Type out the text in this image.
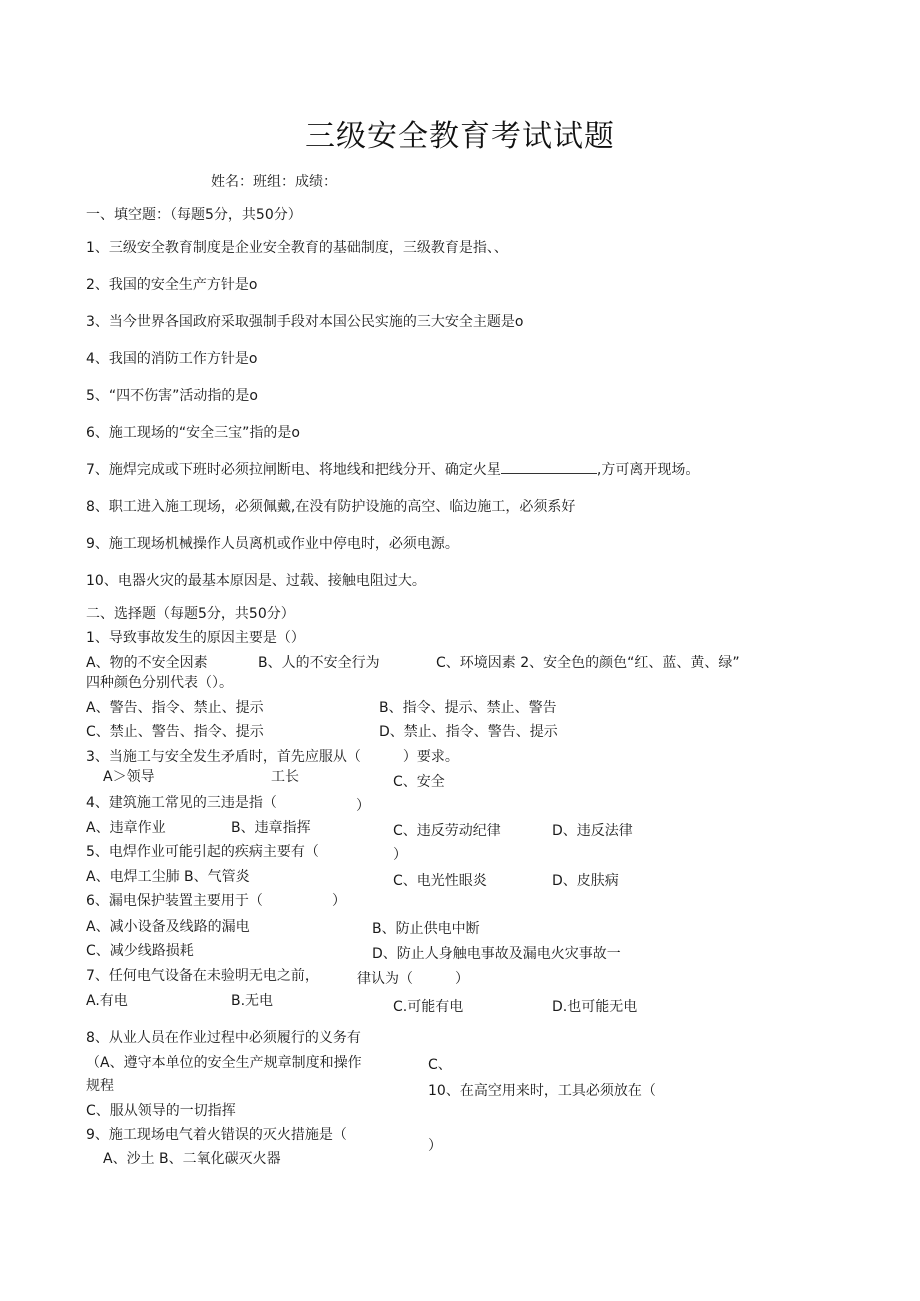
三级安全教育考试试题
姓名：班组：成绩：
一、填空题：（每题5分，共50分）
1、三级安全教育制度是企业安全教育的基础制度，三级教育是指、、
2、我国的安全生产方针是o
3、当今世界各国政府采取强制手段对本国公民实施的三大安全主题是o
4、我国的消防工作方针是o
5、“四不伤害”活动指的是o
6、施工现场的“安全三宝”指的是o
7、施焊完成或下班时必须拉闸断电、将地线和把线分开、确定火星	,方可离开现场。
8、职工进入施工现场，必须佩戴,在没有防护设施的高空、临边施工，必须系好
9、施工现场机械操作人员离机或作业中停电时，必须电源。
10、电器火灾的最基本原因是、过载、接触电阻过大。
二、选择题（每题5分，共50分）
1、导致事故发生的原因主要是（）
A、物的不安全因素	B、人的不安全行为	C、环境因素 2、安全色的颜色“红、蓝、黄、绿”
四种颜色分别代表（）。
A、警告、指令、禁止、提示	B、指令、提示、禁止、警告
C、禁止、警告、指令、提示	D、禁止、指令、警告、提示
3、当施工与安全发生矛盾时，首先应服从（　　　）要求。
A＞领导	工长	C、安全
4、建筑施工常见的三违是指（	）
A、违章作业	B、违章指挥	C、违反劳动纪律	D、违反法律
5、电焊作业可能引起的疾病主要有（	）
A、电焊工尘肺 B、气管炎	C、电光性眼炎	D、皮肤病
6、漏电保护装置主要用于（	）
A、减小设备及线路的漏电	B、防止供电中断
C、减少线路损耗	D、防止人身触电事故及漏电火灾事故一
7、任何电气设备在未验明无电之前，	律认为（　　　）
A.有电	B.无电	C.可能有电	D.也可能无电
8、从业人员在作业过程中必须履行的义务有
（A、遵守本单位的安全生产规章制度和操作	C、
规程	10、在高空用来时，工具必须放在（
C、服从领导的一切指挥
9、施工现场电气着火错误的灭火措施是（
）
A、沙土 B、二氧化碳灭火器
